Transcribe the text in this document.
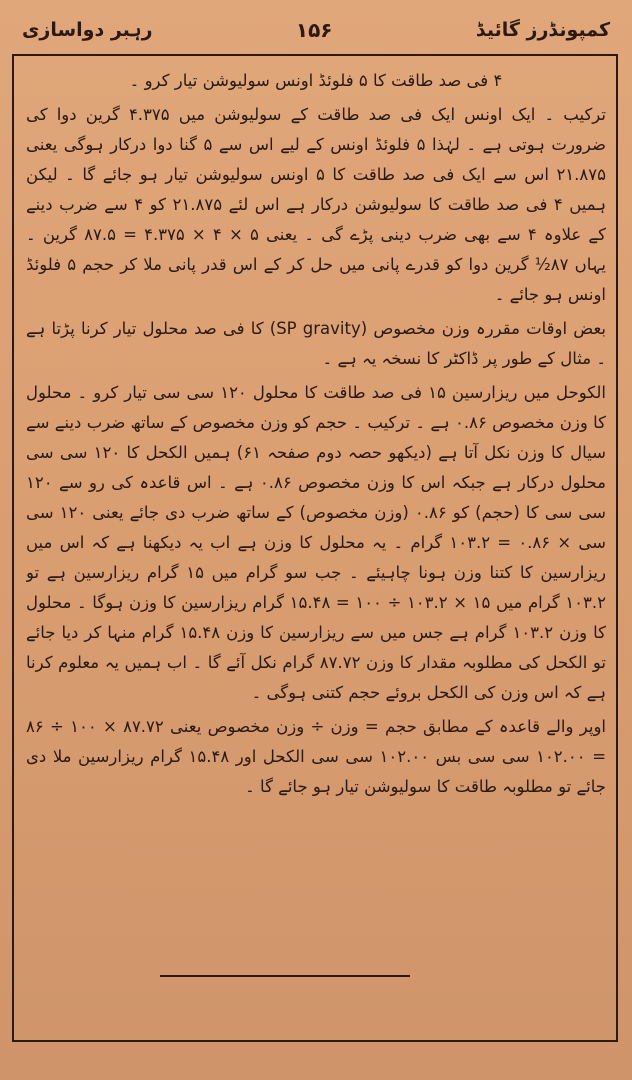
رہبر دواسازی	۱۵۶	کمپونڈرز گائیڈ

۴ فی صد طاقت کا ۵ فلوئڈ اونس سولیوشن تیار کرو ۔

ترکیب ۔ ایک اونس ایک فی صد طاقت کے سولیوشن میں ۴.۳۷۵ گرین دوا کی ضرورت ہوتی ہے ۔ لہٰذا ۵ فلوئڈ اونس کے لیے اس سے ۵ گنا دوا درکار ہوگی یعنی ۲۱.۸۷۵ اس سے ایک فی صد طاقت کا ۵ اونس سولیوشن تیار ہو جائے گا ۔ لیکن ہمیں ۴ فی صد طاقت کا سولیوشن درکار ہے اس لئے ۲۱.۸۷۵ کو ۴ سے ضرب دینے کے علاوہ ۴ سے بھی ضرب دینی پڑے گی ۔ یعنی ۵ × ۴ × ۴.۳۷۵ = ۸۷.۵ گرین ۔ یہاں ۸۷½ گرین دوا کو قدرے پانی میں حل کر کے اس قدر پانی ملا کر حجم ۵ فلوئڈ اونس ہو جائے ۔

بعض اوقات مقررہ وزن مخصوص (SP gravity) کا فی صد محلول تیار کرنا پڑتا ہے ۔ مثال کے طور پر ڈاکٹر کا نسخہ یہ ہے ۔

الکوحل میں ریزارسین ۱۵ فی صد طاقت کا محلول ۱۲۰ سی سی تیار کرو ۔ محلول کا وزن مخصوص ۰.۸۶ ہے ۔ ترکیب ۔ حجم کو وزن مخصوص کے ساتھ ضرب دینے سے سیال کا وزن نکل آتا ہے (دیکھو حصہ دوم صفحہ ۶۱) ہمیں الکحل کا ۱۲۰ سی سی محلول درکار ہے جبکہ اس کا وزن مخصوص ۰.۸۶ ہے ۔ اس قاعدہ کی رو سے ۱۲۰ سی سی کا (حجم) کو ۰.۸۶ (وزن مخصوص) کے ساتھ ضرب دی جائے یعنی ۱۲۰ سی سی × ۰.۸۶ = ۱۰۳.۲ گرام ۔ یہ محلول کا وزن ہے اب یہ دیکھنا ہے کہ اس میں ریزارسین کا کتنا وزن ہونا چاہیئے ۔ جب سو گرام میں ۱۵ گرام ریزارسین ہے تو ۱۰۳.۲ گرام میں ۱۵ × ۱۰۳.۲ ÷ ۱۰۰ = ۱۵.۴۸ گرام ریزارسین کا وزن ہوگا ۔ محلول کا وزن ۱۰۳.۲ گرام ہے جس میں سے ریزارسین کا وزن ۱۵.۴۸ گرام منہا کر دیا جائے تو الکحل کی مطلوبہ مقدار کا وزن ۸۷.۷۲ گرام نکل آئے گا ۔ اب ہمیں یہ معلوم کرنا ہے کہ اس وزن کی الکحل بروئے حجم کتنی ہوگی ۔

اوپر والے قاعدہ کے مطابق حجم = وزن ÷ وزن مخصوص یعنی ۸۷.۷۲ × ۱۰۰ ÷ ۸۶ = ۱۰۲.۰۰ سی سی بس ۱۰۲.۰۰ سی سی الکحل اور ۱۵.۴۸ گرام ریزارسین ملا دی جائے تو مطلوبہ طاقت کا سولیوشن تیار ہو جائے گا ۔
